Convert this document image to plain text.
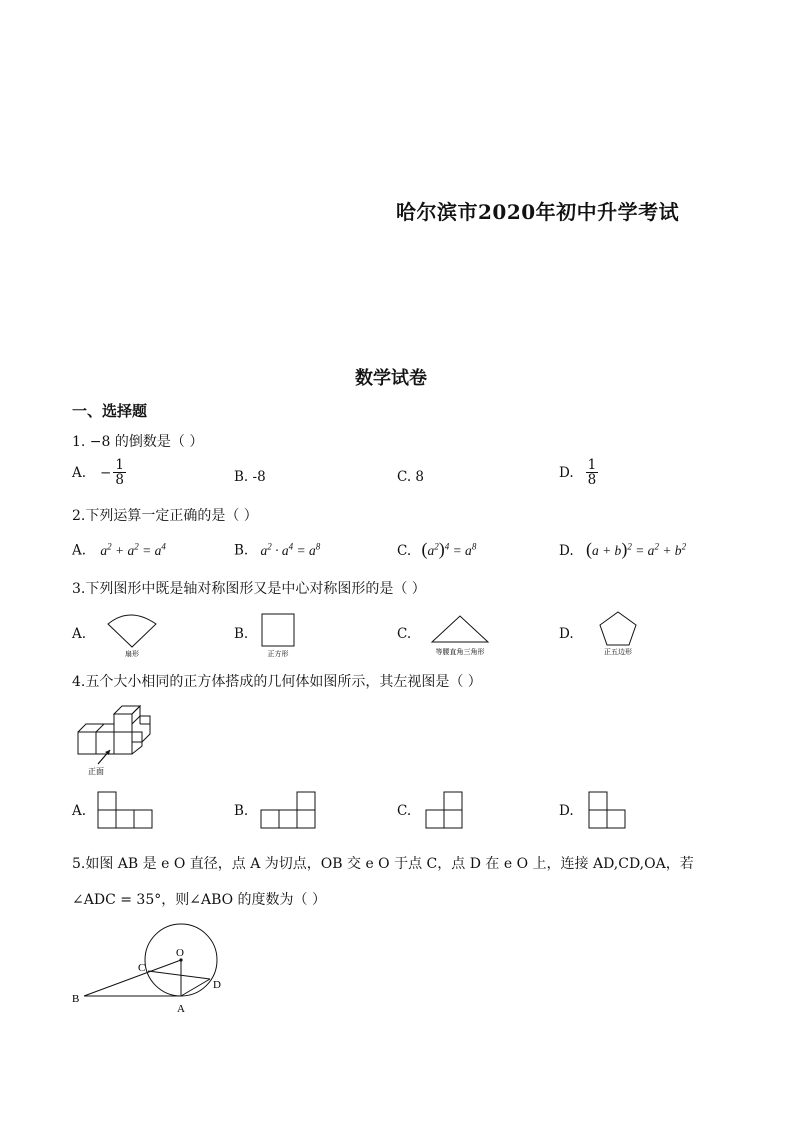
哈尔滨市2020年初中升学考试
数学试卷
一、选择题
1. −8 的倒数是（ ）
A. − $\frac{1}{8}$	B. -8	C. 8	D. $\frac{1}{8}$
2.下列运算一定正确的是（ ）
A. $a^2 + a^2 = a^4$	B. $a^2 \cdot a^4 = a^8$	C. $(a^2)^4 = a^8$	D. $(a + b)^2 = a^2 + b^2$
3.下列图形中既是轴对称图形又是中心对称图形的是（ ）
A.	B.	C.	D.
扇形	正方形	等腰直角三角形	正五边形
4.五个大小相同的正方体搭成的几何体如图所示，其左视图是（ ）
正面
A.	B.	C.	D.
5.如图 AB 是 e O 直径，点 A 为切点，OB 交 e O 于点 C，点 D 在 e O 上，连接 AD,CD,OA，若
∠ADC = 35°，则∠ABO 的度数为（ ）
O
C
D
B
A
